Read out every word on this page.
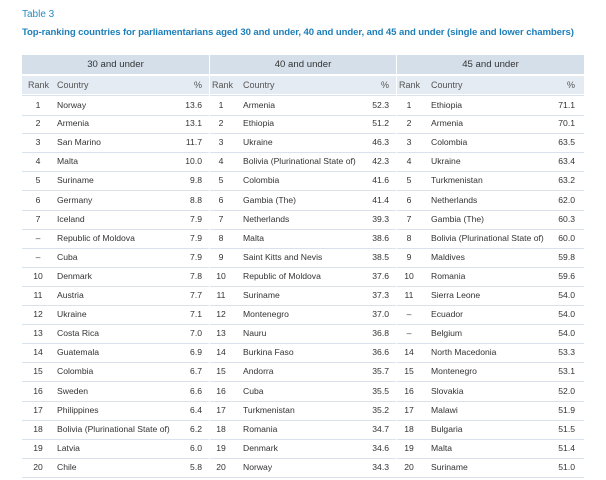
Table 3
Top-ranking countries for parliamentarians aged 30 and under, 40 and under, and 45 and under (single and lower chambers)
30 and under	40 and under	45 and under
Rank Country	% Rank Country	% Rank Country	%
1	Norway	13.6	1	Armenia	52.3	1	Ethiopia	71.1
2	Armenia	13.1	2	Ethiopia	51.2	2	Armenia	70.1
3	San Marino	11.7	3	Ukraine	46.3	3	Colombia	63.5
4	Malta	10.0	4	Bolivia (Plurinational State of)	42.3	4	Ukraine	63.4
5	Suriname	9.8	5	Colombia	41.6	5	Turkmenistan	63.2
6	Germany	8.8	6	Gambia (The)	41.4	6	Netherlands	62.0
7	Iceland	7.9	7	Netherlands	39.3	7	Gambia (The)	60.3
–	Republic of Moldova	7.9	8	Malta	38.6	8	Bolivia (Plurinational State of)	60.0
–	Cuba	7.9	9	Saint Kitts and Nevis	38.5	9	Maldives	59.8
10	Denmark	7.8	10	Republic of Moldova	37.6	10	Romania	59.6
11	Austria	7.7	11	Suriname	37.3	11	Sierra Leone	54.0
12	Ukraine	7.1	12	Montenegro	37.0	–	Ecuador	54.0
13	Costa Rica	7.0	13	Nauru	36.8	–	Belgium	54.0
14	Guatemala	6.9	14	Burkina Faso	36.6	14	North Macedonia	53.3
15	Colombia	6.7	15	Andorra	35.7	15	Montenegro	53.1
16	Sweden	6.6	16	Cuba	35.5	16	Slovakia	52.0
17	Philippines	6.4	17	Turkmenistan	35.2	17	Malawi	51.9
18	Bolivia (Plurinational State of)	6.2	18	Romania	34.7	18	Bulgaria	51.5
19	Latvia	6.0	19	Denmark	34.6	19	Malta	51.4
20	Chile	5.8	20	Norway	34.3	20	Suriname	51.0
